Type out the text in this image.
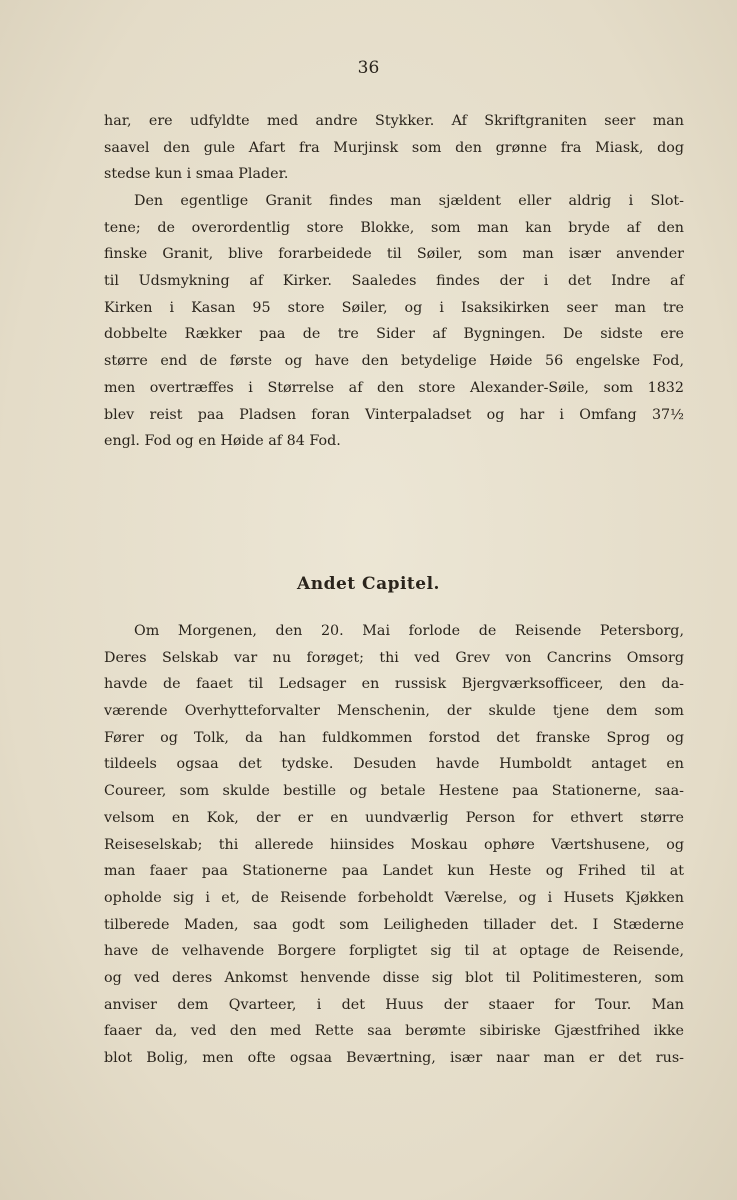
36
har, ere udfyldte med andre Stykker. Af Skriftgraniten seer man
saavel den gule Afart fra Murjinsk som den grønne fra Miask, dog
stedse kun i smaa Plader.
Den egentlige Granit findes man sjældent eller aldrig i Slot-
tene; de overordentlig store Blokke, som man kan bryde af den
finske Granit, blive forarbeidede til Søiler, som man især anvender
til Udsmykning af Kirker. Saaledes findes der i det Indre af
Kirken i Kasan 95 store Søiler, og i Isaksikirken seer man tre
dobbelte Rækker paa de tre Sider af Bygningen. De sidste ere
større end de første og have den betydelige Høide 56 engelske Fod,
men overtræffes i Størrelse af den store Alexander-Søile, som 1832
blev reist paa Pladsen foran Vinterpaladset og har i Omfang 37½
engl. Fod og en Høide af 84 Fod.
Andet Capitel.
Om Morgenen, den 20. Mai forlode de Reisende Petersborg,
Deres Selskab var nu forøget; thi ved Grev von Cancrins Omsorg
havde de faaet til Ledsager en russisk Bjergværksofficeer, den da-
værende Overhytteforvalter Menschenin, der skulde tjene dem som
Fører og Tolk, da han fuldkommen forstod det franske Sprog og
tildeels ogsaa det tydske. Desuden havde Humboldt antaget en
Coureer, som skulde bestille og betale Hestene paa Stationerne, saa-
velsom en Kok, der er en uundværlig Person for ethvert større
Reiseselskab; thi allerede hiinsides Moskau ophøre Værtshusene, og
man faaer paa Stationerne paa Landet kun Heste og Frihed til at
opholde sig i et, de Reisende forbeholdt Værelse, og i Husets Kjøkken
tilberede Maden, saa godt som Leiligheden tillader det. I Stæderne
have de velhavende Borgere forpligtet sig til at optage de Reisende,
og ved deres Ankomst henvende disse sig blot til Politimesteren, som
anviser dem Qvarteer, i det Huus der staaer for Tour. Man
faaer da, ved den med Rette saa berømte sibiriske Gjæstfrihed ikke
blot Bolig, men ofte ogsaa Beværtning, især naar man er det rus-
